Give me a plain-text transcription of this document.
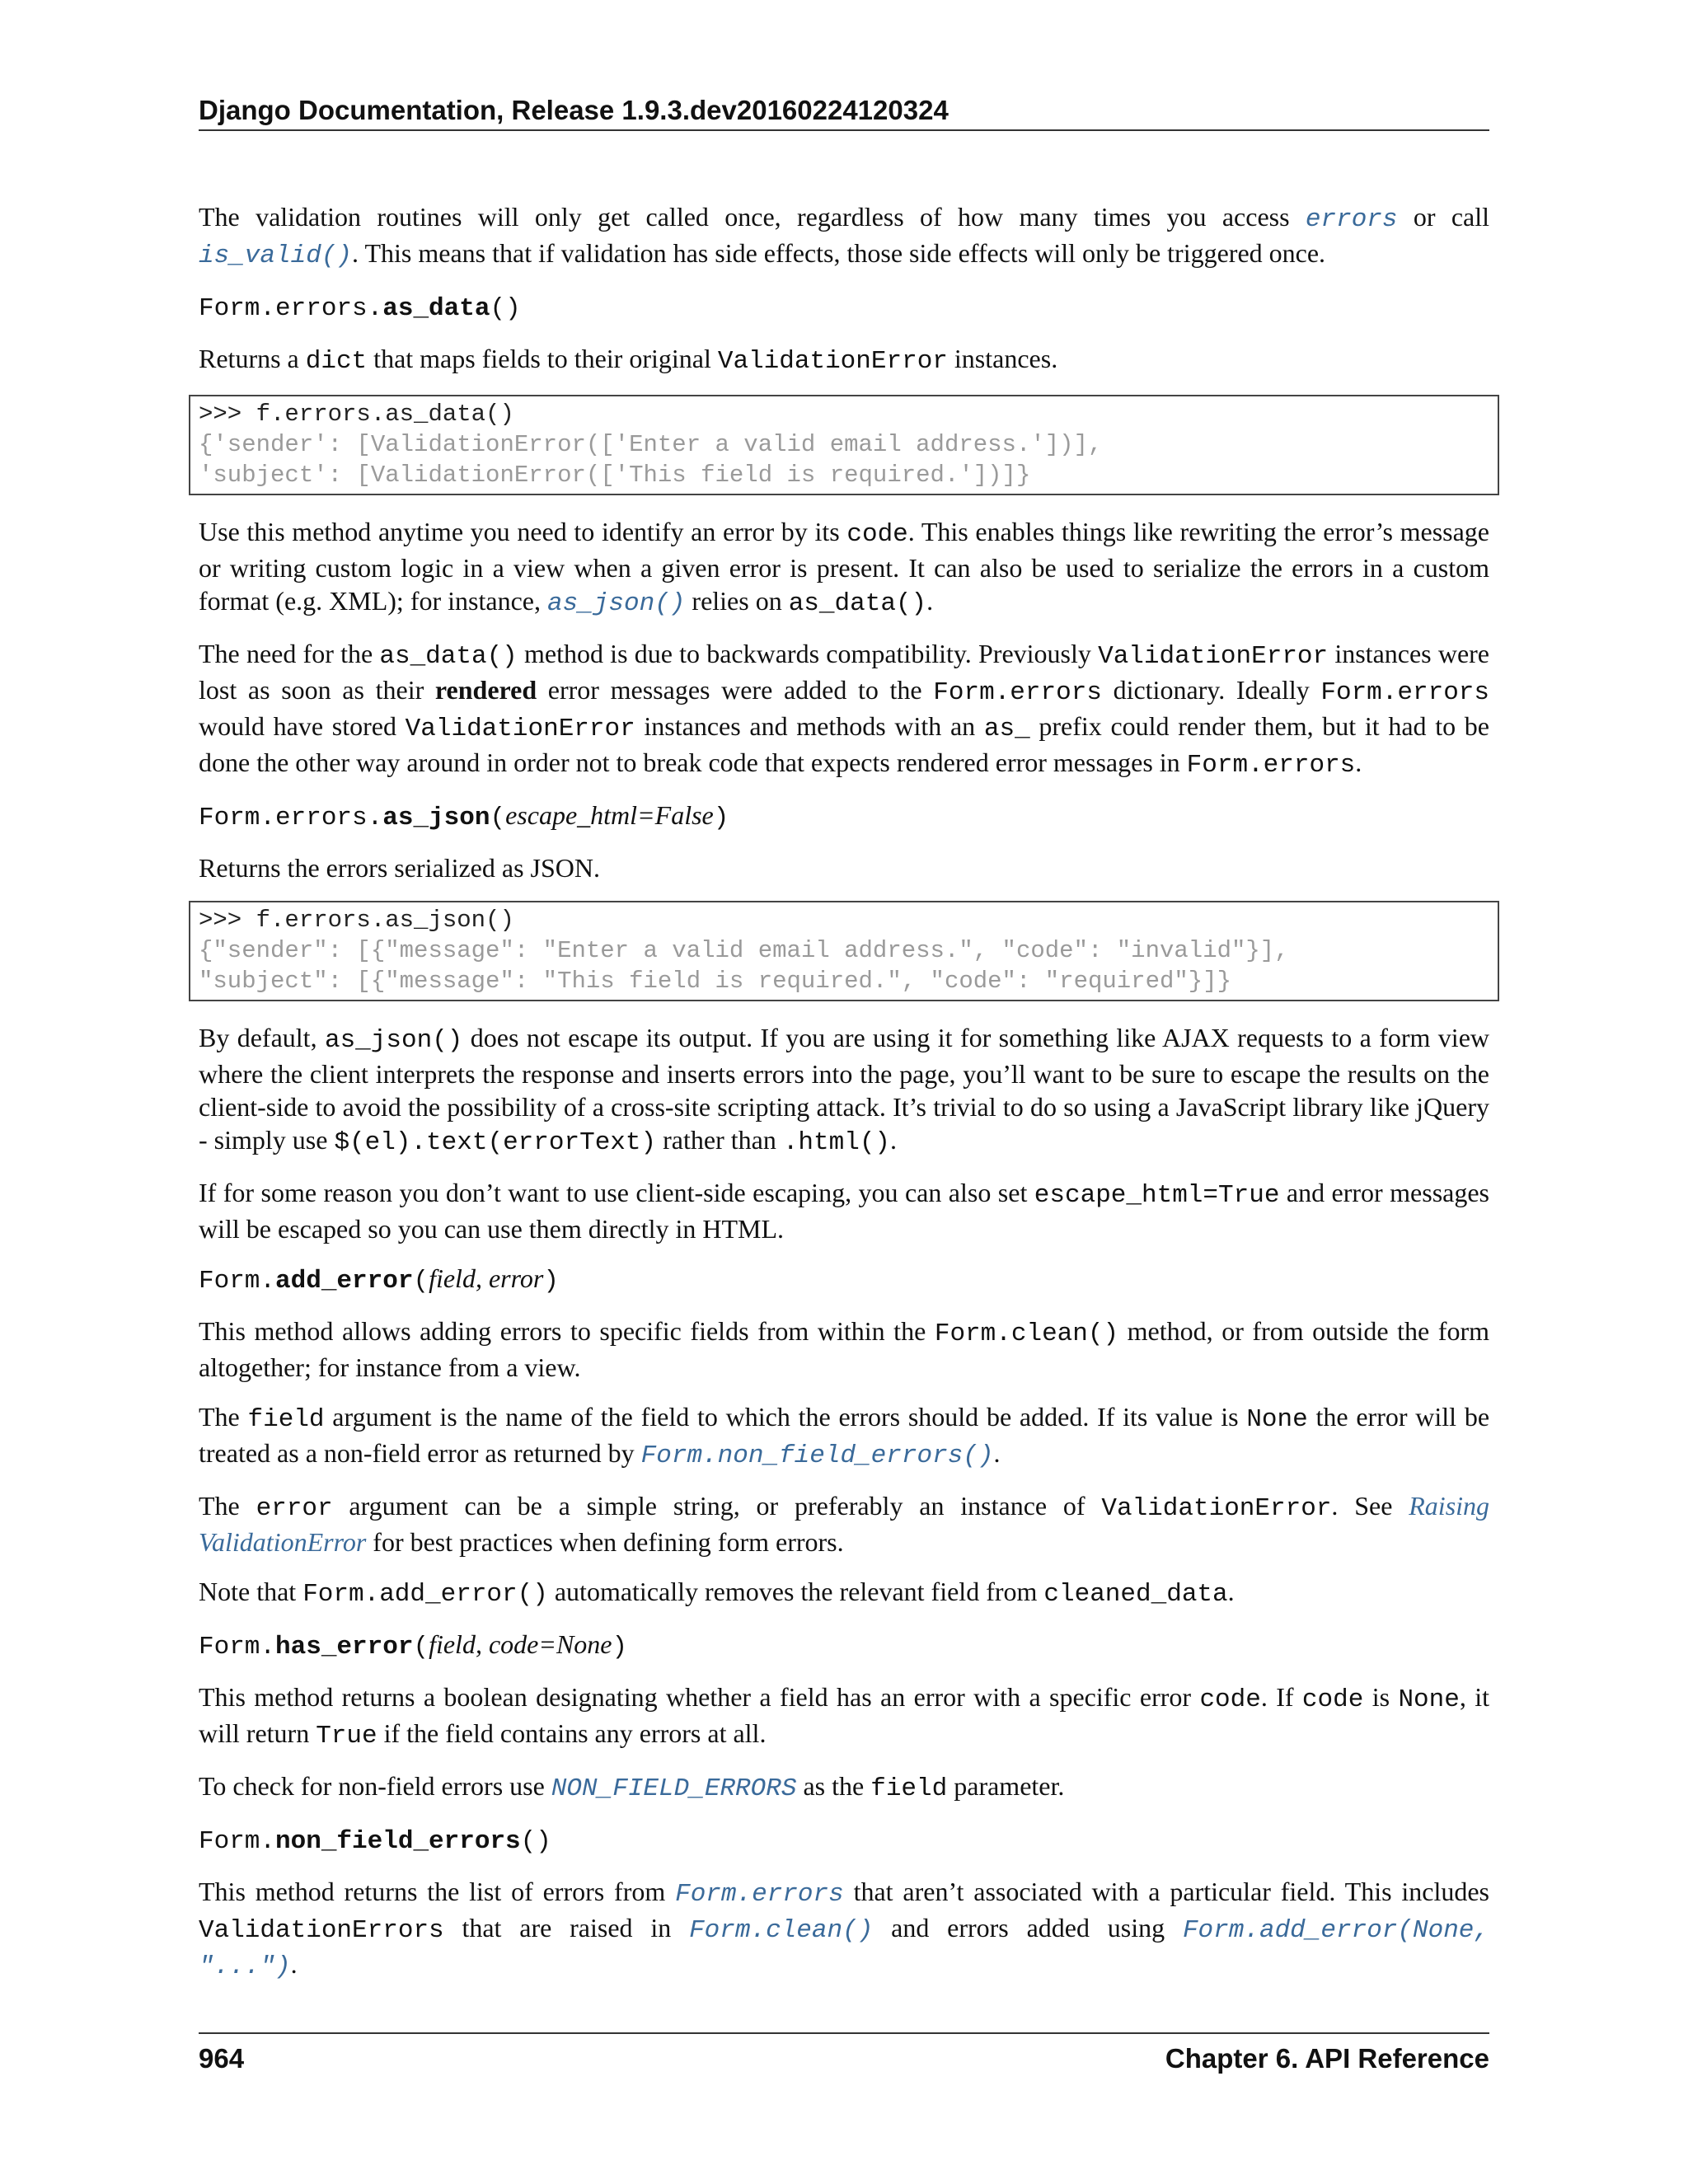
Django Documentation, Release 1.9.3.dev20160224120324

The validation routines will only get called once, regardless of how many times you access errors or call is_valid(). This means that if validation has side effects, those side effects will only be triggered once.

Form.errors.as_data()

Returns a dict that maps fields to their original ValidationError instances.

>>> f.errors.as_data()
{'sender': [ValidationError(['Enter a valid email address.'])],
'subject': [ValidationError(['This field is required.'])]}

Use this method anytime you need to identify an error by its code. This enables things like rewriting the error’s message or writing custom logic in a view when a given error is present. It can also be used to serialize the errors in a custom format (e.g. XML); for instance, as_json() relies on as_data().

The need for the as_data() method is due to backwards compatibility. Previously ValidationError instances were lost as soon as their rendered error messages were added to the Form.errors dictionary. Ideally Form.errors would have stored ValidationError instances and methods with an as_ prefix could render them, but it had to be done the other way around in order not to break code that expects rendered error messages in Form.errors.

Form.errors.as_json(escape_html=False)

Returns the errors serialized as JSON.

>>> f.errors.as_json()
{"sender": [{"message": "Enter a valid email address.", "code": "invalid"}],
"subject": [{"message": "This field is required.", "code": "required"}]}

By default, as_json() does not escape its output. If you are using it for something like AJAX requests to a form view where the client interprets the response and inserts errors into the page, you’ll want to be sure to escape the results on the client-side to avoid the possibility of a cross-site scripting attack. It’s trivial to do so using a JavaScript library like jQuery - simply use $(el).text(errorText) rather than .html().

If for some reason you don’t want to use client-side escaping, you can also set escape_html=True and error messages will be escaped so you can use them directly in HTML.

Form.add_error(field, error)

This method allows adding errors to specific fields from within the Form.clean() method, or from outside the form altogether; for instance from a view.

The field argument is the name of the field to which the errors should be added. If its value is None the error will be treated as a non-field error as returned by Form.non_field_errors().

The error argument can be a simple string, or preferably an instance of ValidationError. See Raising ValidationError for best practices when defining form errors.

Note that Form.add_error() automatically removes the relevant field from cleaned_data.

Form.has_error(field, code=None)

This method returns a boolean designating whether a field has an error with a specific error code. If code is None, it will return True if the field contains any errors at all.

To check for non-field errors use NON_FIELD_ERRORS as the field parameter.

Form.non_field_errors()

This method returns the list of errors from Form.errors that aren’t associated with a particular field. This includes ValidationErrors that are raised in Form.clean() and errors added using Form.add_error(None, "...").

964	Chapter 6. API Reference
